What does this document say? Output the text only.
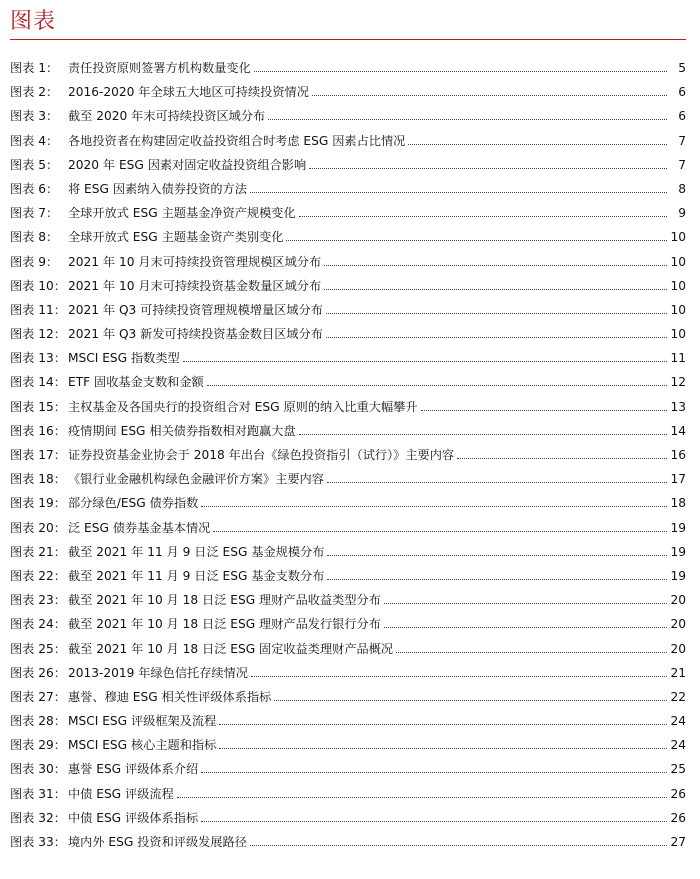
图表
图表 1： 责任投资原则签署方机构数量变化	5
图表 2： 2016-2020 年全球五大地区可持续投资情况	6
图表 3： 截至 2020 年末可持续投资区域分布	6
图表 4： 各地投资者在构建固定收益投资组合时考虑 ESG 因素占比情况	7
图表 5： 2020 年 ESG 因素对固定收益投资组合影响	7
图表 6： 将 ESG 因素纳入债券投资的方法	8
图表 7： 全球开放式 ESG 主题基金净资产规模变化	9
图表 8： 全球开放式 ESG 主题基金资产类别变化	10
图表 9： 2021 年 10 月末可持续投资管理规模区域分布	10
图表 10： 2021 年 10 月末可持续投资基金数量区域分布	10
图表 11： 2021 年 Q3 可持续投资管理规模增量区域分布	10
图表 12： 2021 年 Q3 新发可持续投资基金数目区域分布	10
图表 13： MSCI ESG 指数类型	11
图表 14： ETF 固收基金支数和金额	12
图表 15： 主权基金及各国央行的投资组合对 ESG 原则的纳入比重大幅攀升	13
图表 16： 疫情期间 ESG 相关债券指数相对跑赢大盘	14
图表 17： 证券投资基金业协会于 2018 年出台《绿色投资指引（试行）》主要内容	16
图表 18： 《银行业金融机构绿色金融评价方案》主要内容	17
图表 19： 部分绿色/ESG 债券指数	18
图表 20： 泛 ESG 债券基金基本情况	19
图表 21： 截至 2021 年 11 月 9 日泛 ESG 基金规模分布	19
图表 22： 截至 2021 年 11 月 9 日泛 ESG 基金支数分布	19
图表 23： 截至 2021 年 10 月 18 日泛 ESG 理财产品收益类型分布	20
图表 24： 截至 2021 年 10 月 18 日泛 ESG 理财产品发行银行分布	20
图表 25： 截至 2021 年 10 月 18 日泛 ESG 固定收益类理财产品概况	20
图表 26： 2013-2019 年绿色信托存续情况	21
图表 27： 惠誉、穆迪 ESG 相关性评级体系指标	22
图表 28： MSCI ESG 评级框架及流程	24
图表 29： MSCI ESG 核心主题和指标	24
图表 30： 惠誉 ESG 评级体系介绍	25
图表 31： 中债 ESG 评级流程	26
图表 32： 中债 ESG 评级体系指标	26
图表 33： 境内外 ESG 投资和评级发展路径	27
